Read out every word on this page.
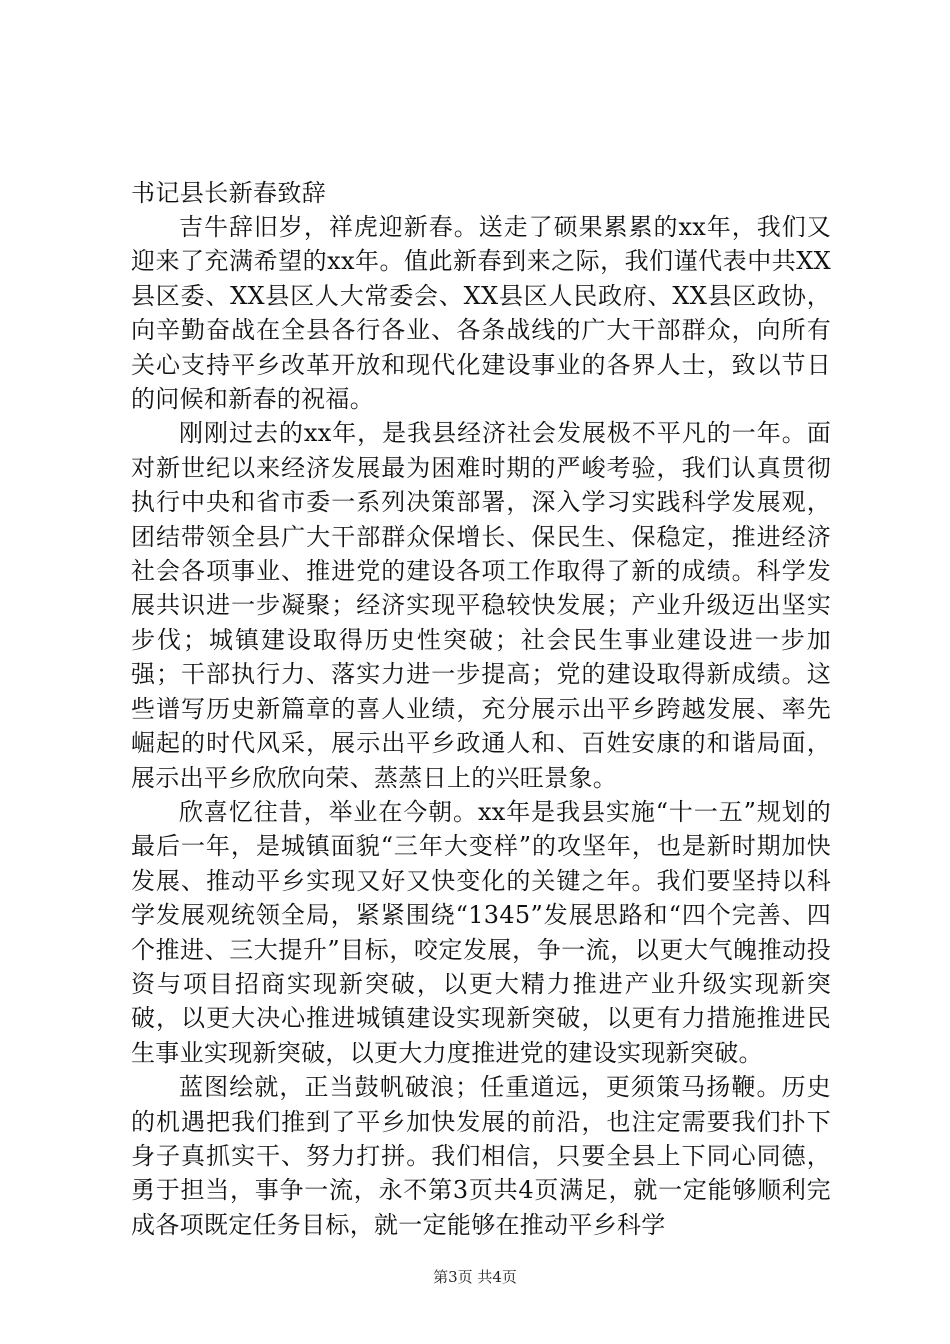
书记县长新春致辞

吉牛辞旧岁，祥虎迎新春。送走了硕果累累的xx年，我们又迎来了充满希望的xx年。值此新春到来之际，我们谨代表中共XX县区委、XX县区人大常委会、XX县区人民政府、XX县区政协，向辛勤奋战在全县各行各业、各条战线的广大干部群众，向所有关心支持平乡改革开放和现代化建设事业的各界人士，致以节日的问候和新春的祝福。

刚刚过去的xx年，是我县经济社会发展极不平凡的一年。面对新世纪以来经济发展最为困难时期的严峻考验，我们认真贯彻执行中央和省市委一系列决策部署，深入学习实践科学发展观，团结带领全县广大干部群众保增长、保民生、保稳定，推进经济社会各项事业、推进党的建设各项工作取得了新的成绩。科学发展共识进一步凝聚；经济实现平稳较快发展；产业升级迈出坚实步伐；城镇建设取得历史性突破；社会民生事业建设进一步加强；干部执行力、落实力进一步提高；党的建设取得新成绩。这些谱写历史新篇章的喜人业绩，充分展示出平乡跨越发展、率先崛起的时代风采，展示出平乡政通人和、百姓安康的和谐局面，展示出平乡欣欣向荣、蒸蒸日上的兴旺景象。

欣喜忆往昔，举业在今朝。xx年是我县实施“十一五”规划的最后一年，是城镇面貌“三年大变样”的攻坚年，也是新时期加快发展、推动平乡实现又好又快变化的关键之年。我们要坚持以科学发展观统领全局，紧紧围绕“1345”发展思路和“四个完善、四个推进、三大提升”目标，咬定发展，争一流，以更大气魄推动投资与项目招商实现新突破，以更大精力推进产业升级实现新突破，以更大决心推进城镇建设实现新突破，以更有力措施推进民生事业实现新突破，以更大力度推进党的建设实现新突破。

蓝图绘就，正当鼓帆破浪；任重道远，更须策马扬鞭。历史的机遇把我们推到了平乡加快发展的前沿，也注定需要我们扑下身子真抓实干、努力打拼。我们相信，只要全县上下同心同德，勇于担当，事争一流，永不第3页共4页满足，就一定能够顺利完成各项既定任务目标，就一定能够在推动平乡科学

第3页 共4页
